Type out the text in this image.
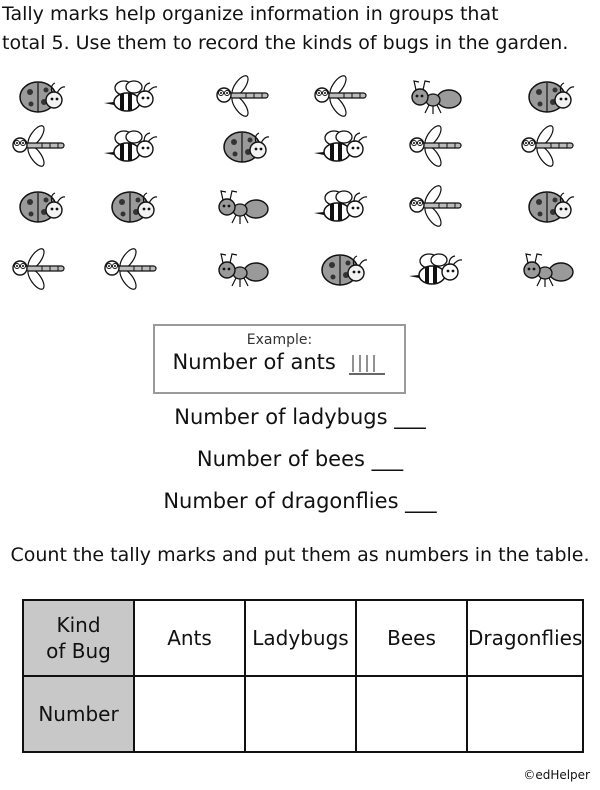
Tally marks help organize information in groups that

total 5. Use them to record the kinds of bugs in the garden.

Example:
Number of ants
Number of ladybugs ___
Number of bees ___
Number of dragonflies ___
Count the tally marks and put them as numbers in the table.
Kind
of Bug	Ants	Ladybugs	Bees	Dragonflies
Number				
©edHelper
